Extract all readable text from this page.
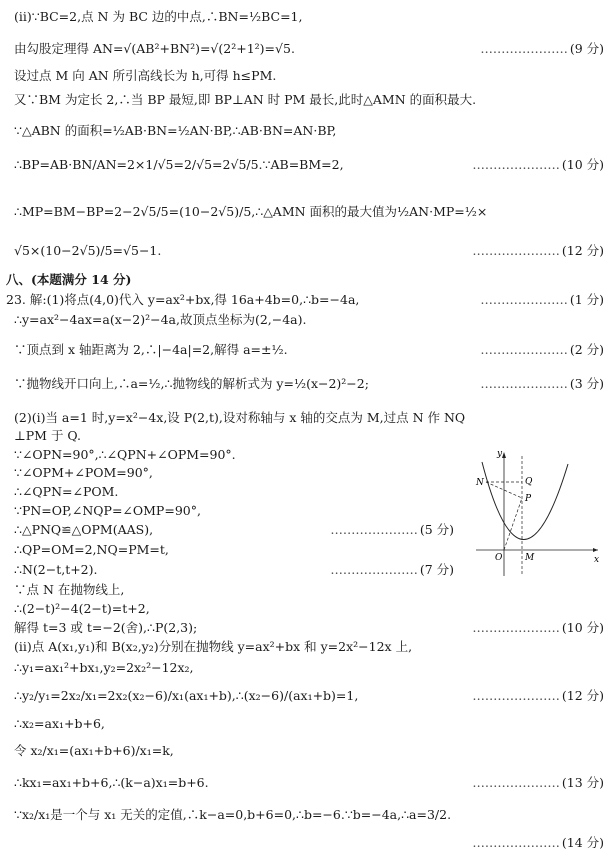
(ⅱ)∵BC=2,点 N 为 BC 边的中点,∴BN=½BC=1,
由勾股定理得 AN=√(AB²+BN²)=√(2²+1²)=√5.	………………… (9 分)
设过点 M 向 AN 所引高线长为 h,可得 h≤PM.
又∵BM 为定长 2,∴当 BP 最短,即 BP⊥AN 时 PM 最长,此时△AMN 的面积最大.
∵△ABN 的面积=½AB·BN=½AN·BP,∴AB·BN=AN·BP,
∴BP=AB·BN/AN=2×1/√5=2/√5=2√5/5.∵AB=BM=2,	………………… (10 分)
∴MP=BM−BP=2−2√5/5=(10−2√5)/5,∴△AMN 面积的最大值为½AN·MP=½×
√5×(10−2√5)/5=√5−1.	………………… (12 分)
八、(本题满分 14 分)
23. 解:(1)将点(4,0)代入 y=ax²+bx,得 16a+4b=0,∴b=−4a,	………………… (1 分)
∴y=ax²−4ax=a(x−2)²−4a,故顶点坐标为(2,−4a).
∵顶点到 x 轴距离为 2,∴|−4a|=2,解得 a=±½.	………………… (2 分)
∵抛物线开口向上,∴a=½,∴抛物线的解析式为 y=½(x−2)²−2;	………………… (3 分)
(2)(ⅰ)当 a=1 时,y=x²−4x,设 P(2,t),设对称轴与 x 轴的交点为 M,过点 N 作 NQ
⊥PM 于 Q.
∵∠OPN=90°,∴∠QPN+∠OPM=90°.
∵∠OPM+∠POM=90°,
∴∠QPN=∠POM.
∵PN=OP,∠NQP=∠OMP=90°,
∴△PNQ≌△OPM(AAS),	………………… (5 分)
∴QP=OM=2,NQ=PM=t,
∴N(2−t,t+2).	………………… (7 分)
∵点 N 在抛物线上,
∴(2−t)²−4(2−t)=t+2,
解得 t=3 或 t=−2(舍),∴P(2,3);	………………… (10 分)
(ⅱ)点 A(x₁,y₁)和 B(x₂,y₂)分别在抛物线 y=ax²+bx 和 y=2x²−12x 上,
∴y₁=ax₁²+bx₁,y₂=2x₂²−12x₂,
∴y₂/y₁=2x₂/x₁=2x₂(x₂−6)/x₁(ax₁+b),∴(x₂−6)/(ax₁+b)=1,	………………… (12 分)
∴x₂=ax₁+b+6,
令 x₂/x₁=(ax₁+b+6)/x₁=k,
∴kx₁=ax₁+b+6,∴(k−a)x₁=b+6.	………………… (13 分)
∵x₂/x₁是一个与 x₁ 无关的定值,∴k−a=0,b+6=0,∴b=−6.∵b=−4a,∴a=3/2.
………………… (14 分)
y
N	Q
P
O	M	x
